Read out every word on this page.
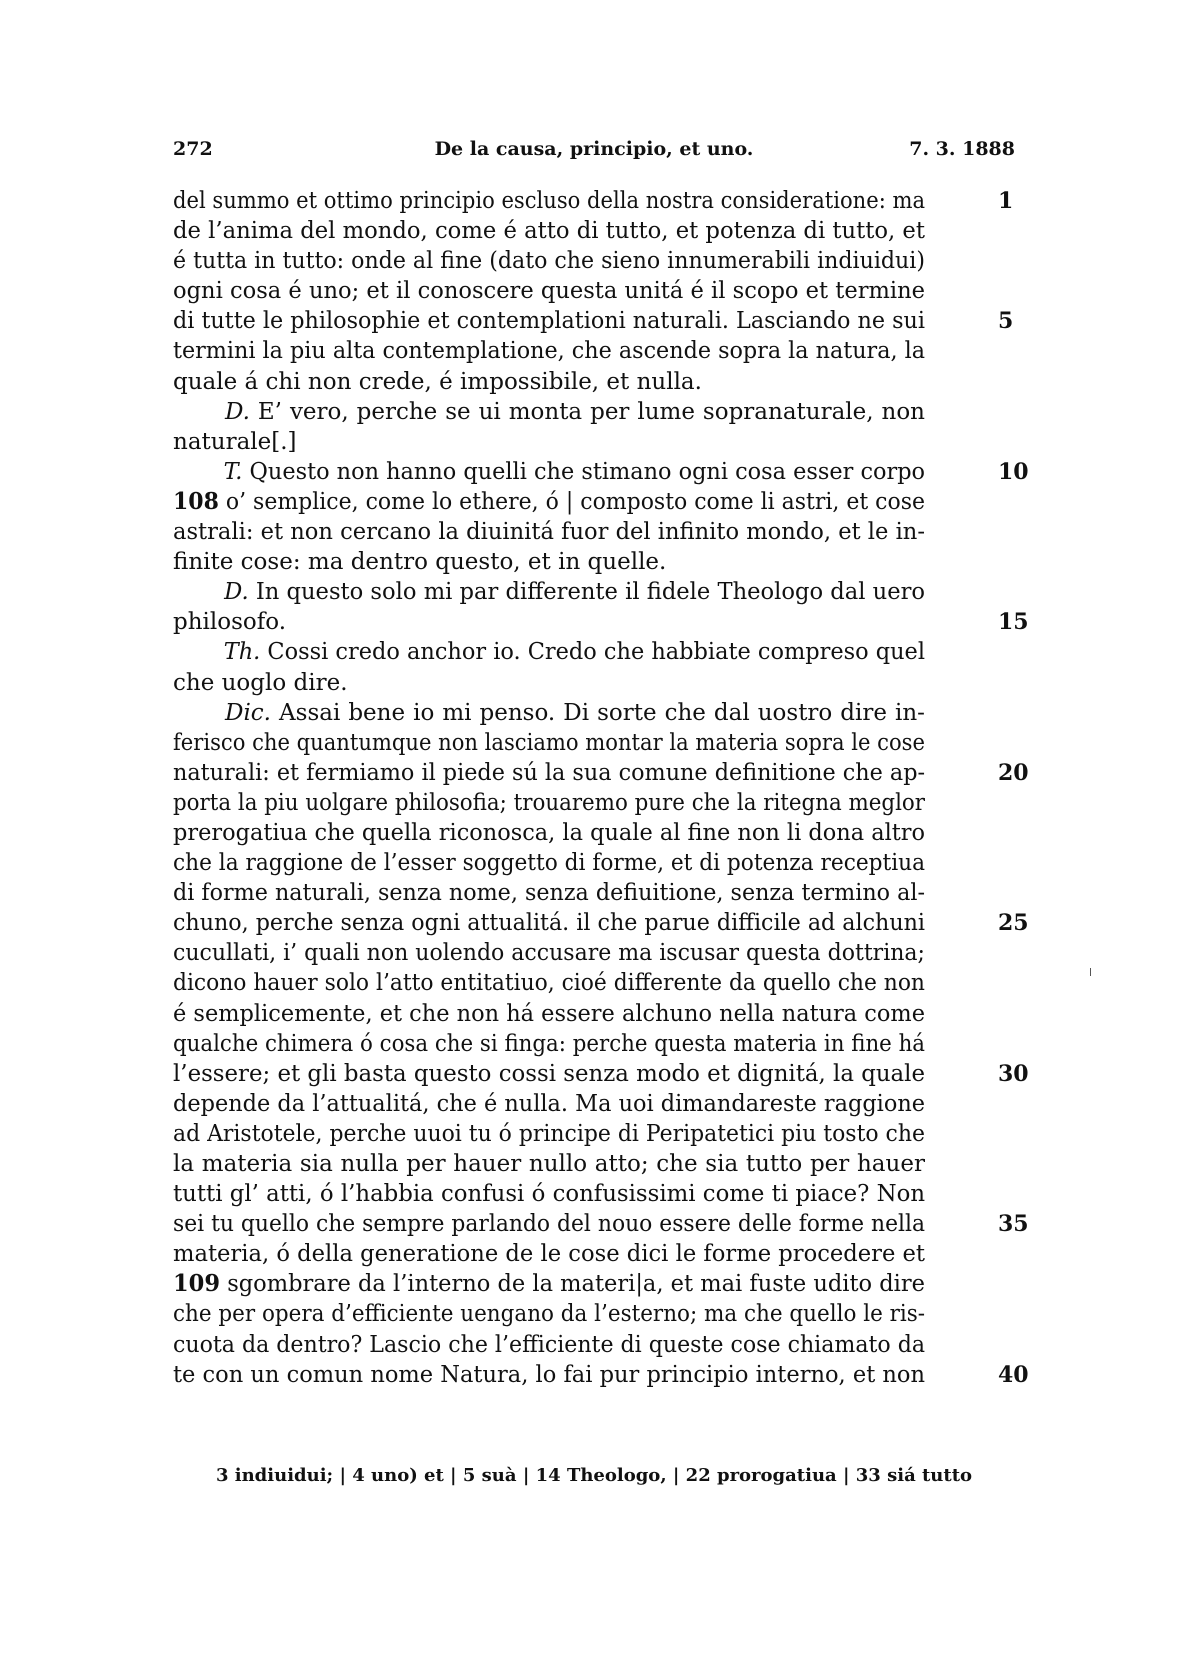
272	De la causa, principio, et uno.	7. 3. 1888
del summo et ottimo principio escluso della nostra consideratione: ma	1
de l’anima del mondo, come é atto di tutto, et potenza di tutto, et
é tutta in tutto: onde al fine (dato che sieno innumerabili indiuidui)
ogni cosa é uno; et il conoscere questa unitá é il scopo et termine
di tutte le philosophie et contemplationi naturali. Lasciando ne sui	5
termini la piu alta contemplatione, che ascende sopra la natura, la
quale á chi non crede, é impossibile, et nulla.
D. E’ vero, perche se ui monta per lume sopranaturale, non
naturale[.]
T. Questo non hanno quelli che stimano ogni cosa esser corpo	10
108 o’ semplice, come lo ethere, ó | composto come li astri, et cose
astrali: et non cercano la diuinitá fuor del infinito mondo, et le in-
finite cose: ma dentro questo, et in quelle.
D. In questo solo mi par differente il fidele Theologo dal uero
philosofo.	15
Th. Cossi credo anchor io. Credo che habbiate compreso quel
che uoglo dire.
Dic. Assai bene io mi penso. Di sorte che dal uostro dire in-
ferisco che quantumque non lasciamo montar la materia sopra le cose
naturali: et fermiamo il piede sú la sua comune definitione che ap-	20
porta la piu uolgare philosofia; trouaremo pure che la ritegna meglor
prerogatiua che quella riconosca, la quale al fine non li dona altro
che la raggione de l’esser soggetto di forme, et di potenza receptiua
di forme naturali, senza nome, senza defiuitione, senza termino al-
chuno, perche senza ogni attualitá. il che parue difficile ad alchuni	25
cucullati, i’ quali non uolendo accusare ma iscusar questa dottrina;
dicono hauer solo l’atto entitatiuo, cioé differente da quello che non
é semplicemente, et che non há essere alchuno nella natura come
qualche chimera ó cosa che si finga: perche questa materia in fine há
l’essere; et gli basta questo cossi senza modo et dignitá, la quale	30
depende da l’attualitá, che é nulla. Ma uoi dimandareste raggione
ad Aristotele, perche uuoi tu ó principe di Peripatetici piu tosto che
la materia sia nulla per hauer nullo atto; che sia tutto per hauer
tutti gl’ atti, ó l’habbia confusi ó confusissimi come ti piace? Non
sei tu quello che sempre parlando del nouo essere delle forme nella	35
materia, ó della generatione de le cose dici le forme procedere et
109 sgombrare da l’interno de la materi|a, et mai fuste udito dire
che per opera d’efficiente uengano da l’esterno; ma che quello le ris-
cuota da dentro? Lascio che l’efficiente di queste cose chiamato da
te con un comun nome Natura, lo fai pur principio interno, et non	40
3 indiuidui; | 4 uno) et | 5 suà | 14 Theologo, | 22 prorogatiua | 33 siá tutto
